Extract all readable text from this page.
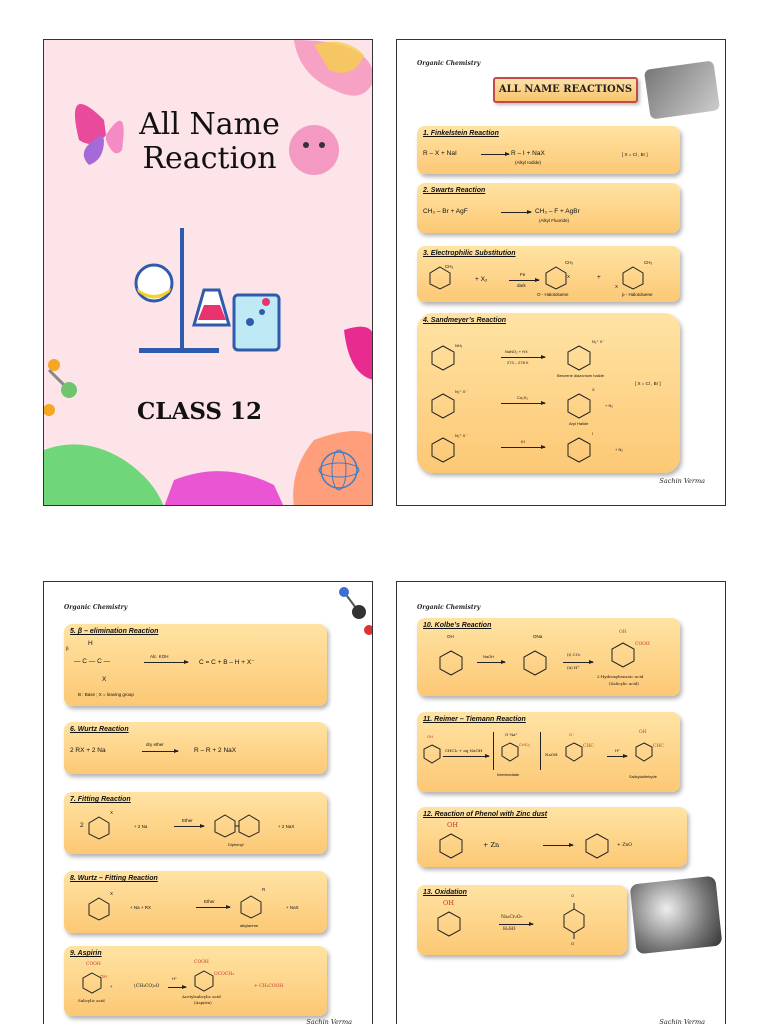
All Name
Reaction
CLASS 12
Organic Chemistry
ALL NAME REACTIONS
1. Finkelstein Reaction
R – X + NaI → R – I + NaX
(Alkyl Iodide)
[ X = Cl , Br ]
2. Swarts Reaction
CH₃ – Br + AgF → CH₃ – F + AgBr
(Alkyl Fluoride)
3. Electrophilic Substitution
CH₃
+ X₂
Fe
dark
CH₃
X
O - Halotoluene
+
CH₃
X
p - Halotoluene
4. Sandmeyer’s Reaction
NH₂
NaNO₂ + HX
273 – 278 K
N₂⁺ X⁻
Benzene diazonium halide
[ X = Cl , Br ]
N₂⁺ X⁻
Cu₂X₂
X
+ N₂
Aryl Halide
N₂⁺ X⁻
KI
I
+ N₂
Sachin Verma
Organic Chemistry
5. β – elimination Reaction
β
H
— C — C —
X
Alc. KOH
→ C = C + B – H + X⁻
B : Base ; X = leaving group
6. Wurtz Reaction
2 RX + 2 Na
dry ether
→ R – R + 2 NaX
7. Fitting Reaction
2
X
+ 2 Na
Ether
Diphenyl
+ 2 NaX
8. Wurtz – Fitting Reaction
X
+ Na + RX
Ether
R
alkylarene
+ NaX
9. Aspirin
COOH
OH
+
Salicylic acid
(CH₃CO)₂O
H⁺
COOH
OCOCH₃
Acetylsalicylic acid
(Aspirin)
+ CH₃COOH
Sachin Verma
Organic Chemistry
10. Kolbe’s Reaction
OH
NaOH
ONa
(i) CO₂
(ii) H⁺
OH
COOH
2-Hydroxybenzoic acid
(Salicylic acid)
11. Reimer – Tiemann Reaction
OH
CHCl₃ + aq NaOH
O⁻Na⁺
CHCl₂
Intermediate
NaOH
O⁻
CHC
H⁺
OH
CHC
Salicylaldehyde
12. Reaction of Phenol with Zinc dust
OH
+ Zn	+ ZnO
13. Oxidation
OH
Na₂Cr₂O₇
H₂SO
O
O
Sachin Verma
